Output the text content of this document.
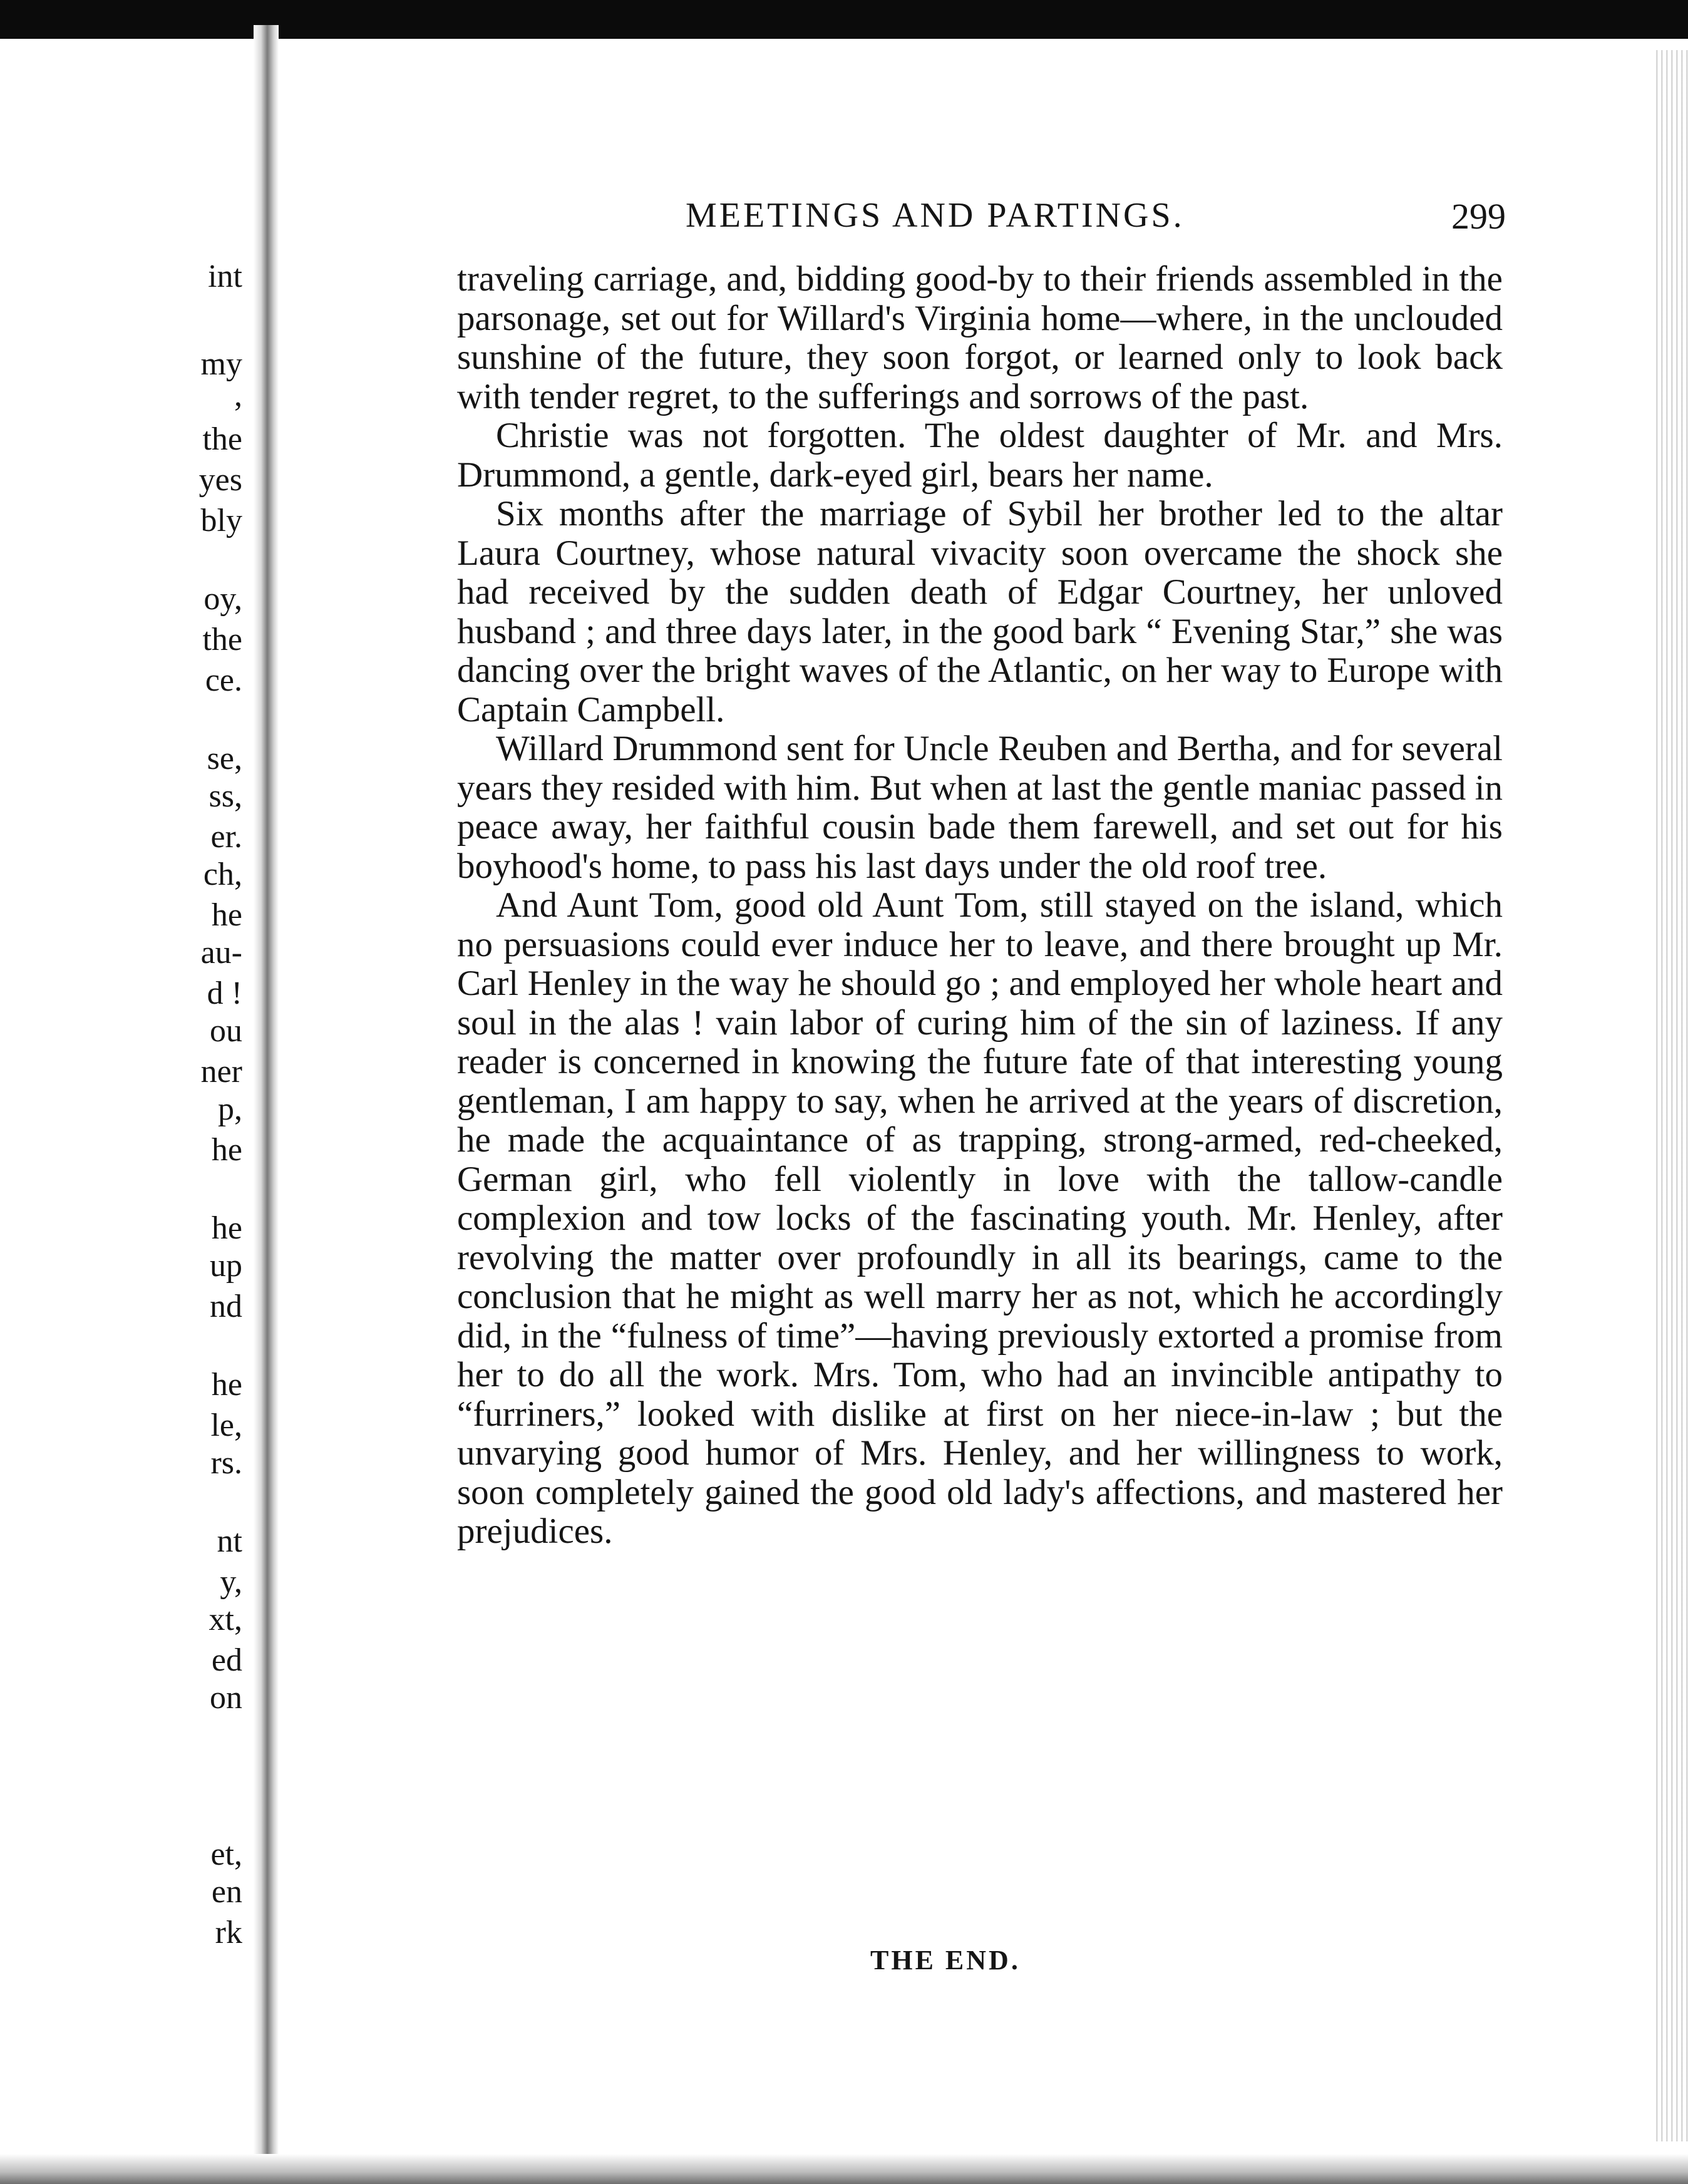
int

my

,

the

yes

bly

oy,

the

ce.

se,

ss,

er.

ch,

he

au-

d !

ou

ner

p,

he

he

up

nd

he

le,

rs.

nt

y,

xt,

ed

on

et,

en

rk

MEETINGS AND PARTINGS.	299

traveling carriage, and, bidding good-by to their friends assembled in the parsonage, set out for Willard's Virginia home—where, in the unclouded sunshine of the future, they soon forgot, or learned only to look back with tender regret, to the sufferings and sorrows of the past.

Christie was not forgotten. The oldest daughter of Mr. and Mrs. Drummond, a gentle, dark-eyed girl, bears her name.

Six months after the marriage of Sybil her brother led to the altar Laura Courtney, whose natural vivacity soon overcame the shock she had received by the sudden death of Edgar Courtney, her unloved husband ; and three days later, in the good bark “ Evening Star,” she was dancing over the bright waves of the Atlantic, on her way to Europe with Captain Campbell.

Willard Drummond sent for Uncle Reuben and Bertha, and for several years they resided with him. But when at last the gentle maniac passed in peace away, her faithful cousin bade them farewell, and set out for his boyhood's home, to pass his last days under the old roof tree.

And Aunt Tom, good old Aunt Tom, still stayed on the island, which no persuasions could ever induce her to leave, and there brought up Mr. Carl Henley in the way he should go ; and employed her whole heart and soul in the alas ! vain labor of curing him of the sin of laziness. If any reader is concerned in knowing the future fate of that interesting young gentleman, I am happy to say, when he arrived at the years of discretion, he made the acquaintance of as trapping, strong-armed, red-cheeked, German girl, who fell violently in love with the tallow-candle complexion and tow locks of the fascinating youth. Mr. Henley, after revolving the matter over profoundly in all its bearings, came to the conclusion that he might as well marry her as not, which he accordingly did, in the “fulness of time”—having previously extorted a promise from her to do all the work. Mrs. Tom, who had an invincible antipathy to “furriners,” looked with dislike at first on her niece-in-law ; but the unvarying good humor of Mrs. Henley, and her willingness to work, soon completely gained the good old lady's affections, and mastered her prejudices.

THE END.
